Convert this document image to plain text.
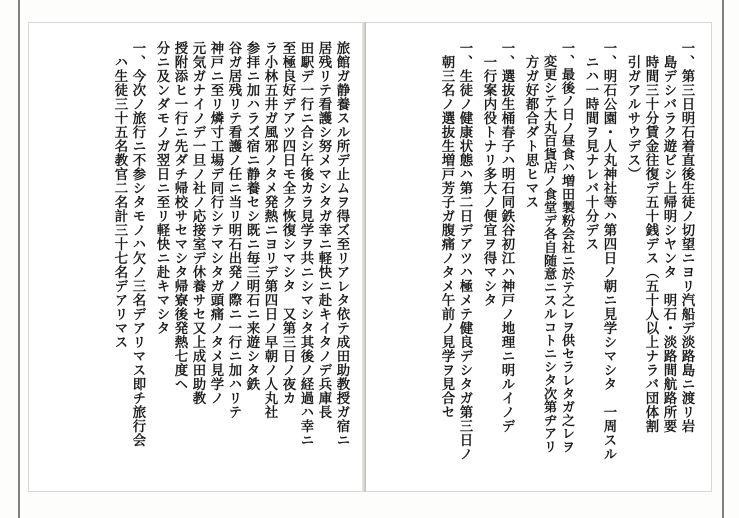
旅館ガ静養スル所デ止ムヲ得ズ至リアレタ依テ成田助教授ガ宿ニ
居残リテ看護シ努メマシタガ幸ニ軽快ニ赴キイタノデ兵庫長
田駅デ一行ニ合シ午後カラ見学ヲ共ニシマシタ其後ノ経過ハ幸ニ
至極良好デアツ四日モ全ク恢復シマシタ　又第三日ノ夜カ
ラ小林五井ガ風邪ノタメ発熱ニヨリデ第四日ノ早朝ノ人丸社
参拝ニ加ハラズ宿ニ静養セシ既ニ毎三明石ニ来遊シタ鉄
谷ガ居残リテ看護ノ任ニ当リ明石出発ノ際ニ一行ニ加ハリテ
神戸ニ至リ燐寸工場デ同行シテマシタガ頭痛ノタメ見学ノ
元気ガナイノデ一旦ノ社ノ応接室デ休養サセ又上成田助教
授附添ヒ一行ニ先ダチ帰校サセマシタ帰寮後発熱七度ヘ
分ニ及ンダモノガ翌日ニ至リ軽快ニ赴キマシタ
一、今次ノ旅行ニ不参シタモノハ欠ノ三名デアリマス即チ旅行会
　ハ生徒三十五名教官二名計三十七名デアリマス	一、第三日明石着直後生徒ノ切望ニヨリ汽船デ淡路島ニ渡リ岩
　島デシバラク遊ビシ上帰明シヤンタ　明石・淡路間航路所要
　時間三十分賃金往復デ五十銭デス（五十人以上ナラバ団体割
　引ガアルサウデス）
一、明石公園・人丸神社等ハ第四日ノ朝ニ見学シマシタ　一周スル
　ニハ一時間ヲ見ナレバ十分デス
一、最後ノ日ノ昼食ハ増田製粉会社ニ於テ之レヲ供セラレタガ之レヲ
　変更シテ大丸百貨店ノ食堂デ各自随意ニスルコトニシタ次第ヂアリ
　方ガ好都合ダト思ヒマス
一、選抜生桶春子ハ明石同鉄谷初江ハ神戸ノ地理ニ明ルイノデ
　一行案内役トナリ多大ノ便宜ヲ得マシタ
一、生徒ノ健康状態ハ第二日デアツハ極メテ健良デシタガ第三日ノ
　朝三名ノ選抜生増戸芳子ガ腹痛ノタメ午前ノ見学ヲ見合セ
